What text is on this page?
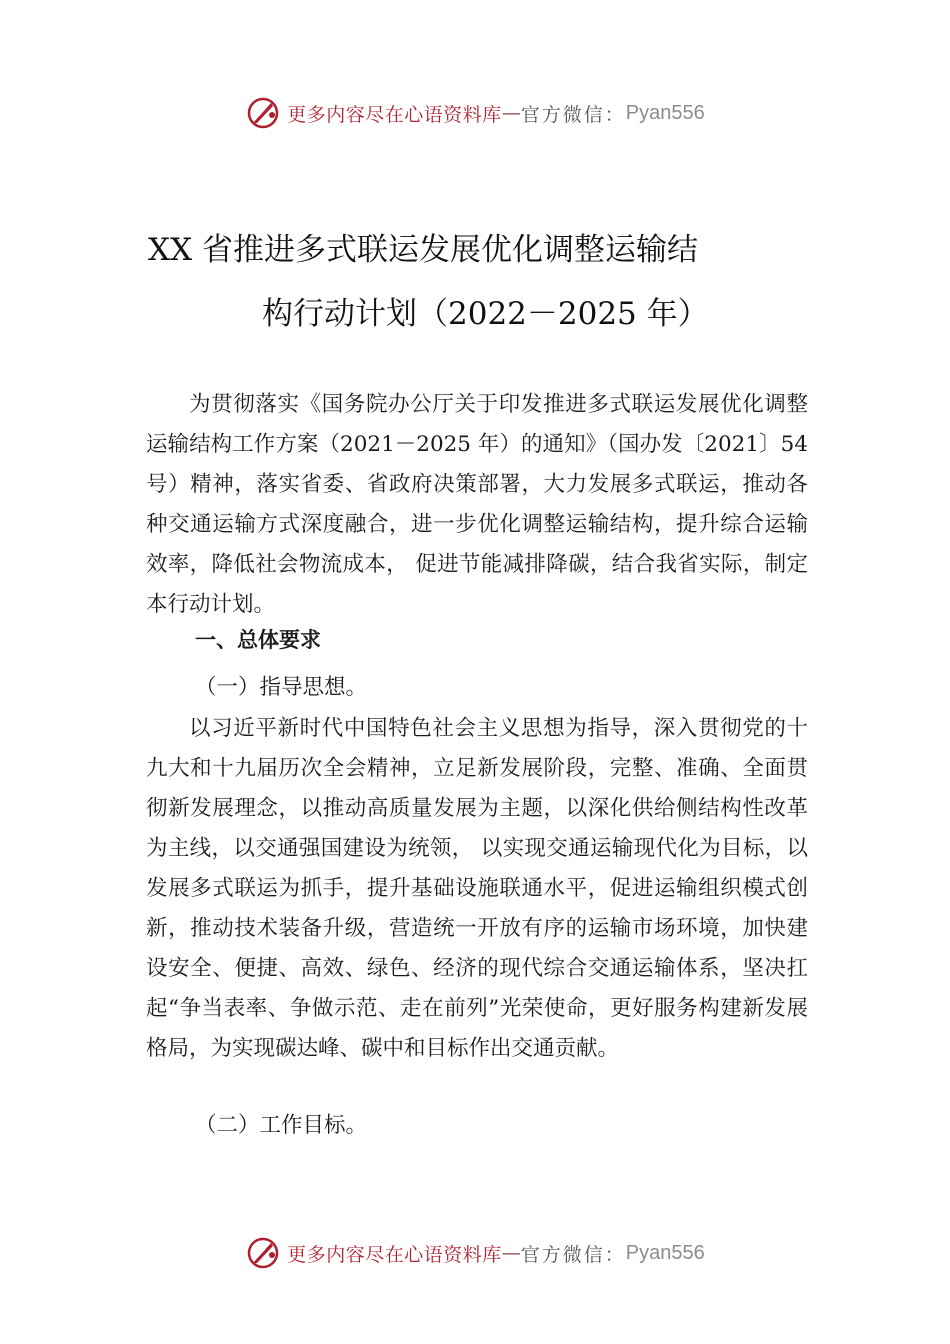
更多内容尽在心语资料库 — 官方微信： Pyan556
XX 省推进多式联运发展优化调整运输结
构行动计划（2022－2025 年）

为贯彻落实《国务院办公厅关于印发推进多式联运发展优化调整运输结构工作方案（2021－2025 年）的通知》（国办发〔2021〕54 号）精神，落实省委、省政府决策部署，大力发展多式联运，推动各种交通运输方式深度融合，进一步优化调整运输结构，提升综合运输效率，降低社会物流成本， 促进节能减排降碳，结合我省实际，制定本行动计划。

一、总体要求
（一）指导思想。

以习近平新时代中国特色社会主义思想为指导，深入贯彻党的十九大和十九届历次全会精神，立足新发展阶段，完整、准确、全面贯彻新发展理念，以推动高质量发展为主题，以深化供给侧结构性改革为主线，以交通强国建设为统领， 以实现交通运输现代化为目标，以发展多式联运为抓手，提升基础设施联通水平，促进运输组织模式创新，推动技术装备升级，营造统一开放有序的运输市场环境，加快建设安全、便捷、高效、绿色、经济的现代综合交通运输体系，坚决扛起“争当表率、争做示范、走在前列”光荣使命，更好服务构建新发展格局，为实现碳达峰、碳中和目标作出交通贡献。

（二）工作目标。
更多内容尽在心语资料库 — 官方微信： Pyan556
